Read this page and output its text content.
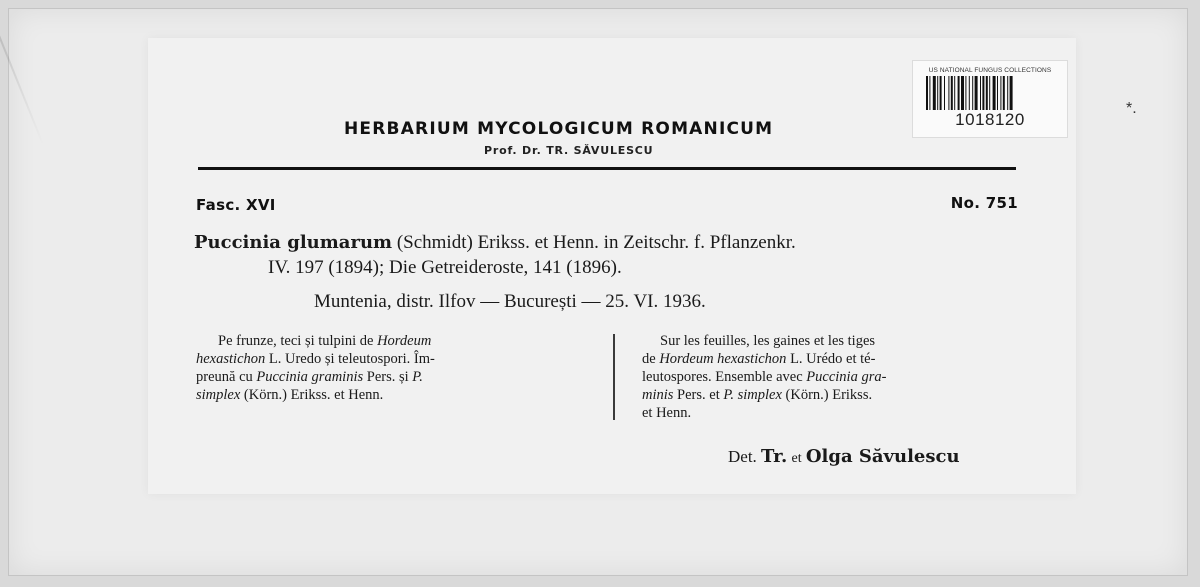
US NATIONAL FUNGUS COLLECTIONS
1018120
*.
HERBARIUM MYCOLOGICUM ROMANICUM
Prof. Dr. TR. SĂVULESCU
Fasc. XVI	No. 751
Puccinia glumarum (Schmidt) Erikss. et Henn. in Zeitschr. f. Pflanzenkr.
IV. 197 (1894); Die Getreideroste, 141 (1896).
Muntenia, distr. Ilfov — București — 25. VI. 1936.
Pe frunze, teci și tulpini de Hordeum
hexastichon L. Uredo și teleutospori. Îm-
preună cu Puccinia graminis Pers. și P.
simplex (Körn.) Erikss. et Henn.
Sur les feuilles, les gaines et les tiges
de Hordeum hexastichon L. Urédo et té-
leutospores. Ensemble avec Puccinia gra-
minis Pers. et P. simplex (Körn.) Erikss.
et Henn.
Det. Tr. et Olga Săvulescu
